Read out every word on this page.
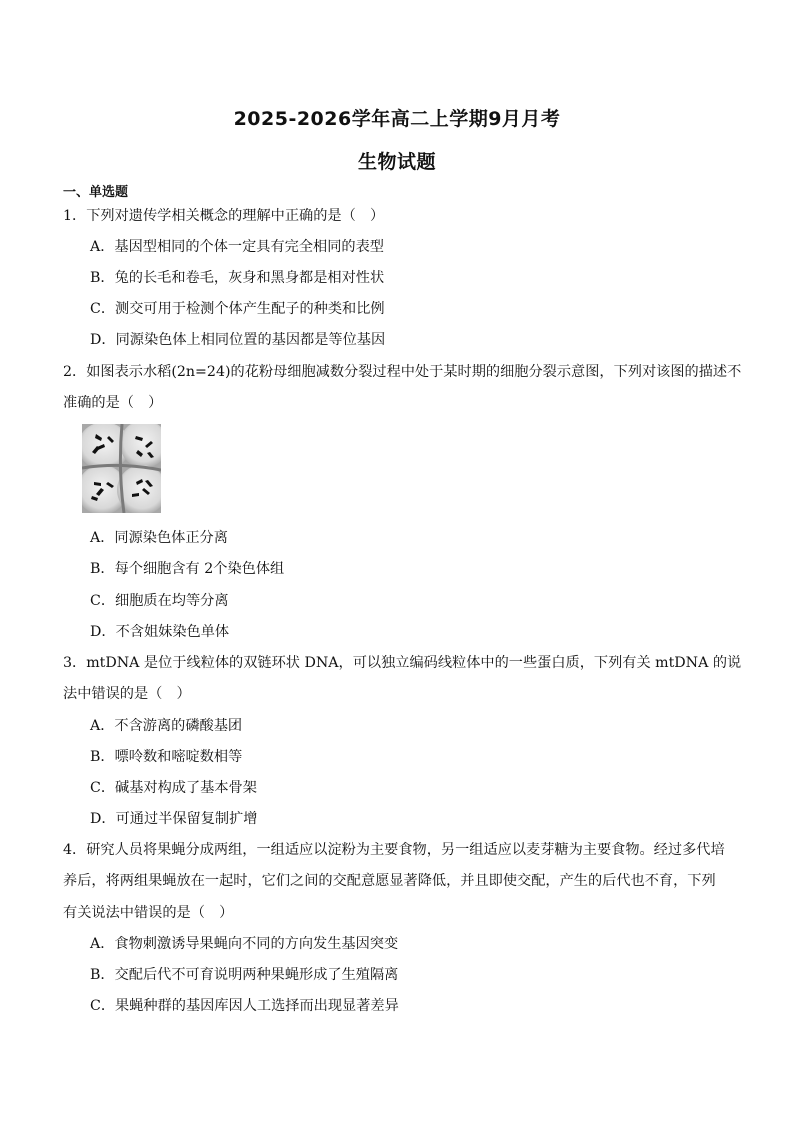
2025-2026学年高二上学期9月月考
生物试题
一、单选题
1．下列对遗传学相关概念的理解中正确的是（　）
A．基因型相同的个体一定具有完全相同的表型
B．兔的长毛和卷毛，灰身和黑身都是相对性状
C．测交可用于检测个体产生配子的种类和比例
D．同源染色体上相同位置的基因都是等位基因
2．如图表示水稻(2n=24)的花粉母细胞减数分裂过程中处于某时期的细胞分裂示意图，下列对该图的描述不
准确的是（　）
A．同源染色体正分离
B．每个细胞含有 2个染色体组
C．细胞质在均等分离
D．不含姐妹染色单体
3．mtDNA 是位于线粒体的双链环状 DNA，可以独立编码线粒体中的一些蛋白质，下列有关 mtDNA 的说
法中错误的是（　）
A．不含游离的磷酸基团
B．嘌呤数和嘧啶数相等
C．碱基对构成了基本骨架
D．可通过半保留复制扩增
4．研究人员将果蝇分成两组，一组适应以淀粉为主要食物，另一组适应以麦芽糖为主要食物。经过多代培
养后，将两组果蝇放在一起时，它们之间的交配意愿显著降低，并且即使交配，产生的后代也不育，下列
有关说法中错误的是（　）
A．食物刺激诱导果蝇向不同的方向发生基因突变
B．交配后代不可育说明两种果蝇形成了生殖隔离
C．果蝇种群的基因库因人工选择而出现显著差异
